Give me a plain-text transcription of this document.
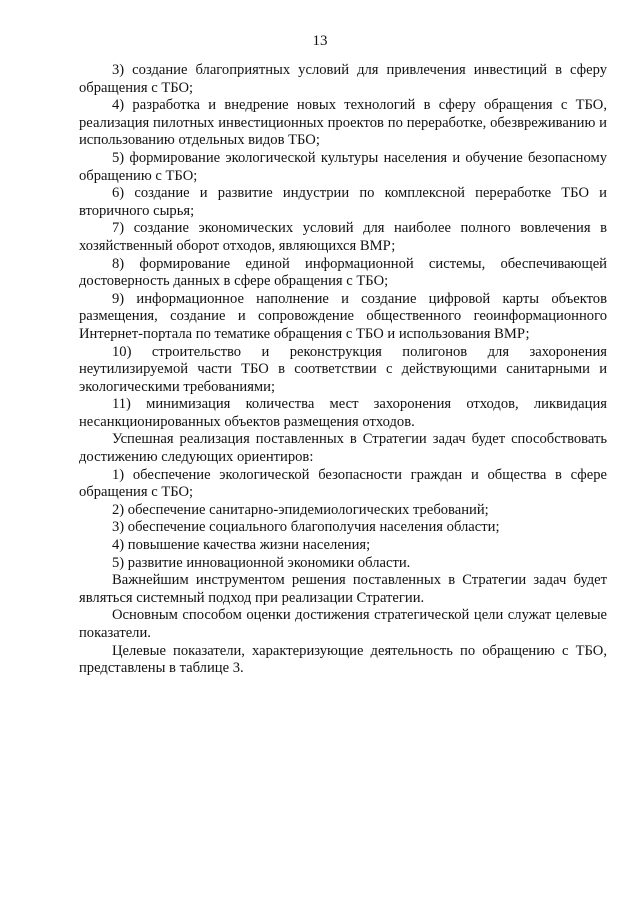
13

3) создание благоприятных условий для привлечения инвестиций в сферу обращения с ТБО;

4) разработка и внедрение новых технологий в сферу обращения с ТБО, реализация пилотных инвестиционных проектов по переработке, обезвреживанию и использованию отдельных видов ТБО;

5) формирование экологической культуры населения и обучение безопасному обращению с ТБО;

6) создание и развитие индустрии по комплексной переработке ТБО и вторичного сырья;

7) создание экономических условий для наиболее полного вовлечения в хозяйственный оборот отходов, являющихся ВМР;

8) формирование единой информационной системы, обеспечивающей достоверность данных в сфере обращения с ТБО;

9) информационное наполнение и создание цифровой карты объектов размещения, создание и сопровождение общественного геоинформационного Интернет-портала по тематике обращения с ТБО и использования ВМР;

10) строительство и реконструкция полигонов для захоронения неутилизируемой части ТБО в соответствии с действующими санитарными и экологическими требованиями;

11) минимизация количества мест захоронения отходов, ликвидация несанкционированных объектов размещения отходов.

Успешная реализация поставленных в Стратегии задач будет способствовать достижению следующих ориентиров:

1) обеспечение экологической безопасности граждан и общества в сфере обращения с ТБО;

2) обеспечение санитарно-эпидемиологических требований;

3) обеспечение социального благополучия населения области;

4) повышение качества жизни населения;

5) развитие инновационной экономики области.

Важнейшим инструментом решения поставленных в Стратегии задач будет являться системный подход при реализации Стратегии.

Основным способом оценки достижения стратегической цели служат целевые показатели.

Целевые показатели, характеризующие деятельность по обращению с ТБО, представлены в таблице 3.
